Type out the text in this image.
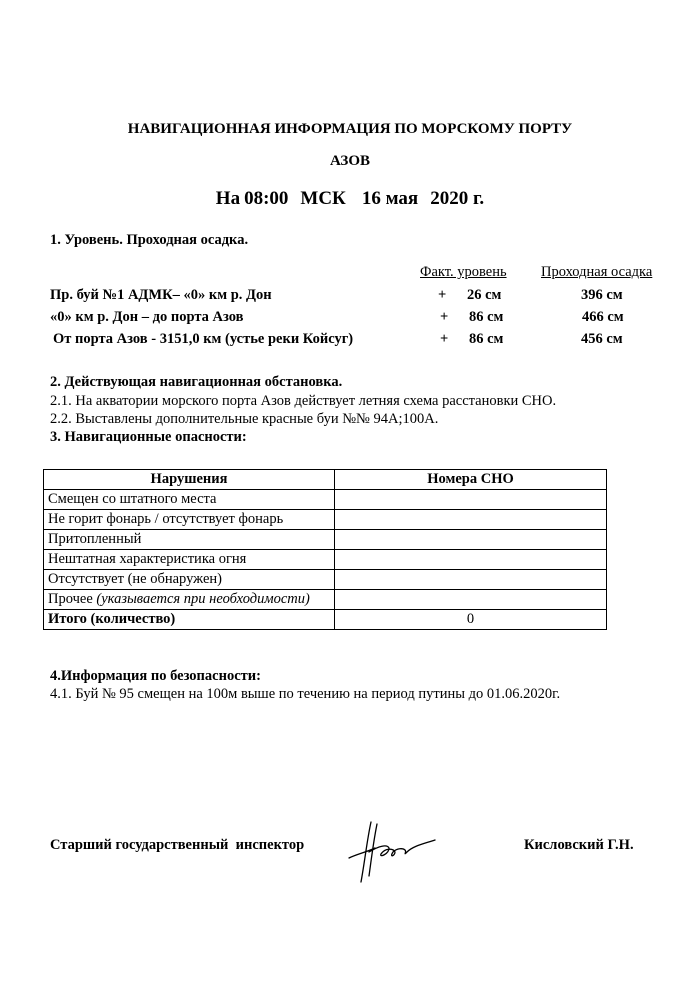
НАВИГАЦИОННАЯ ИНФОРМАЦИЯ ПО МОРСКОМУ ПОРТУ
АЗОВ
На 08:00 МСК 16 мая 2020 г.
1. Уровень. Проходная осадка.
Факт. уровень Проходная осадка
Пр. буй №1 АДМК– «0» км р. Дон	+ 26 см	396 см
«0» км р. Дон – до порта Азов	+ 86 см	466 см
От порта Азов - 3151,0 км (устье реки Койсуг)	+ 86 см	456 см
2. Действующая навигационная обстановка.
2.1. На акватории морского порта Азов действует летняя схема расстановки СНО.
2.2. Выставлены дополнительные красные буи №№ 94А;100А.
3. Навигационные опасности:
Нарушения	Номера СНО
Смещен со штатного места	
Не горит фонарь / отсутствует фонарь	
Притопленный	
Нештатная характеристика огня	
Отсутствует (не обнаружен)	
Прочее (указывается при необходимости)	
Итого (количество)	0
4.Информация по безопасности:
4.1. Буй № 95 смещен на 100м выше по течению на период путины до 01.06.2020г.
Старший государственный  инспектор	Кисловский Г.Н.
